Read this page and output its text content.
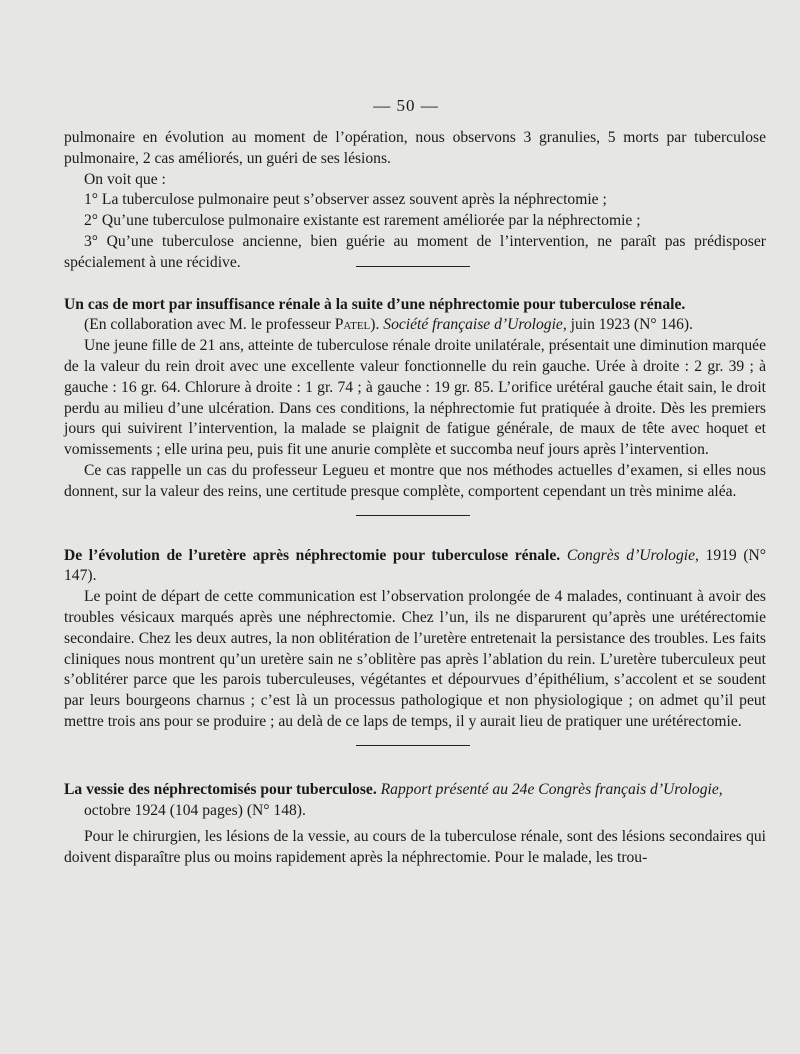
— 50 —

pulmonaire en évolution au moment de l’opération, nous observons 3 granulies, 5 morts par tuberculose pulmonaire, 2 cas améliorés, un guéri de ses lésions.

On voit que :

1° La tuberculose pulmonaire peut s’observer assez souvent après la néphrectomie ;

2° Qu’une tuberculose pulmonaire existante est rarement améliorée par la néphrectomie ;

3° Qu’une tuberculose ancienne, bien guérie au moment de l’intervention, ne paraît pas prédisposer spécialement à une récidive.

Un cas de mort par insuffisance rénale à la suite d’une néphrectomie pour tuberculose rénale.

(En collaboration avec M. le professeur Patel). Société française d’Urologie, juin 1923 (N° 146).

Une jeune fille de 21 ans, atteinte de tuberculose rénale droite unilatérale, présentait une diminution marquée de la valeur du rein droit avec une excellente valeur fonctionnelle du rein gauche. Urée à droite : 2 gr. 39 ; à gauche : 16 gr. 64. Chlorure à droite : 1 gr. 74 ; à gauche : 19 gr. 85. L’orifice urétéral gauche était sain, le droit perdu au milieu d’une ulcération. Dans ces conditions, la néphrectomie fut pratiquée à droite. Dès les premiers jours qui suivirent l’intervention, la malade se plaignit de fatigue générale, de maux de tête avec hoquet et vomissements ; elle urina peu, puis fit une anurie complète et succomba neuf jours après l’intervention.

Ce cas rappelle un cas du professeur Legueu et montre que nos méthodes actuelles d’examen, si elles nous donnent, sur la valeur des reins, une certitude presque complète, comportent cependant un très minime aléa.

De l’évolution de l’uretère après néphrectomie pour tuberculose rénale. Congrès d’Urologie, 1919 (N° 147).

Le point de départ de cette communication est l’observation prolongée de 4 malades, continuant à avoir des troubles vésicaux marqués après une néphrectomie. Chez l’un, ils ne disparurent qu’après une urétérectomie secondaire. Chez les deux autres, la non oblitération de l’uretère entretenait la persistance des troubles. Les faits cliniques nous montrent qu’un uretère sain ne s’oblitère pas après l’ablation du rein. L’uretère tuberculeux peut s’oblitérer parce que les parois tuberculeuses, végétantes et dépourvues d’épithélium, s’accolent et se soudent par leurs bourgeons charnus ; c’est là un processus pathologique et non physiologique ; on admet qu’il peut mettre trois ans pour se produire ; au delà de ce laps de temps, il y aurait lieu de pratiquer une urétérectomie.

La vessie des néphrectomisés pour tuberculose. Rapport présenté au 24e Congrès français d’Urologie,

octobre 1924 (104 pages) (N° 148).

Pour le chirurgien, les lésions de la vessie, au cours de la tuberculose rénale, sont des lésions secondaires qui doivent disparaître plus ou moins rapidement après la néphrectomie. Pour le malade, les trou-
